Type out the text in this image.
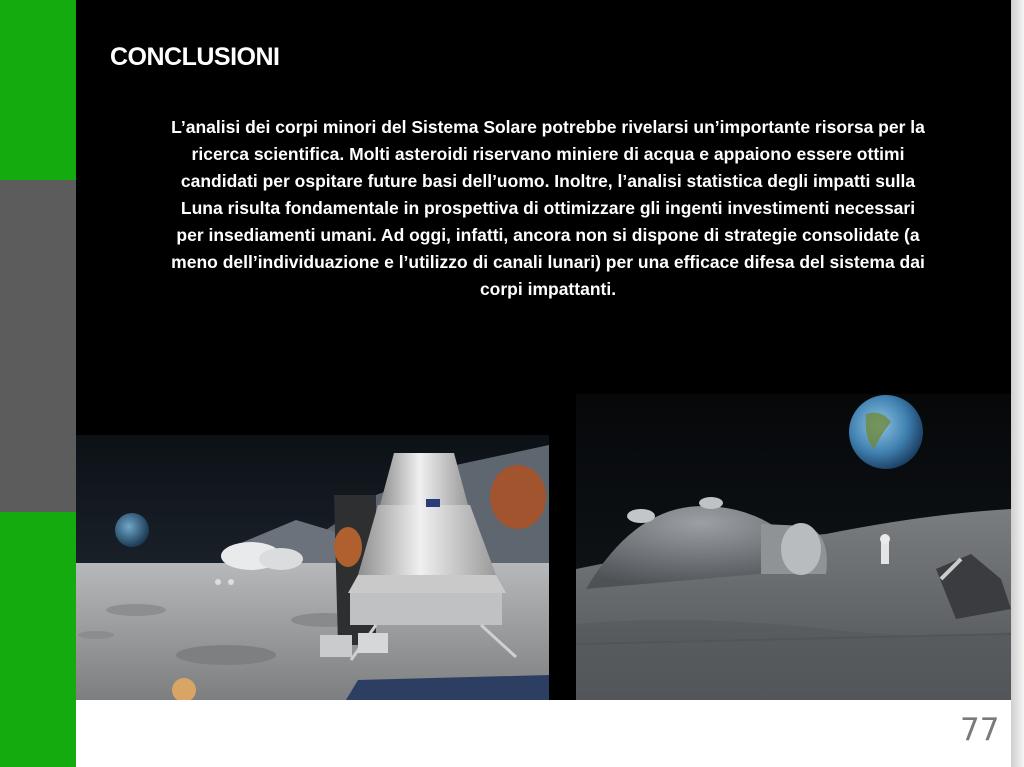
CONCLUSIONI

L’analisi dei corpi minori del Sistema Solare potrebbe rivelarsi un’importante risorsa per la ricerca scientifica. Molti asteroidi riservano miniere di acqua e appaiono essere ottimi candidati per ospitare future basi dell’uomo. Inoltre, l’analisi statistica degli impatti sulla Luna risulta fondamentale in prospettiva di ottimizzare gli ingenti investimenti necessari per insediamenti umani. Ad oggi, infatti, ancora non si dispone di strategie consolidate (a meno dell’individuazione e l’utilizzo di canali lunari) per una efficace difesa del sistema dai corpi impattanti.

77
